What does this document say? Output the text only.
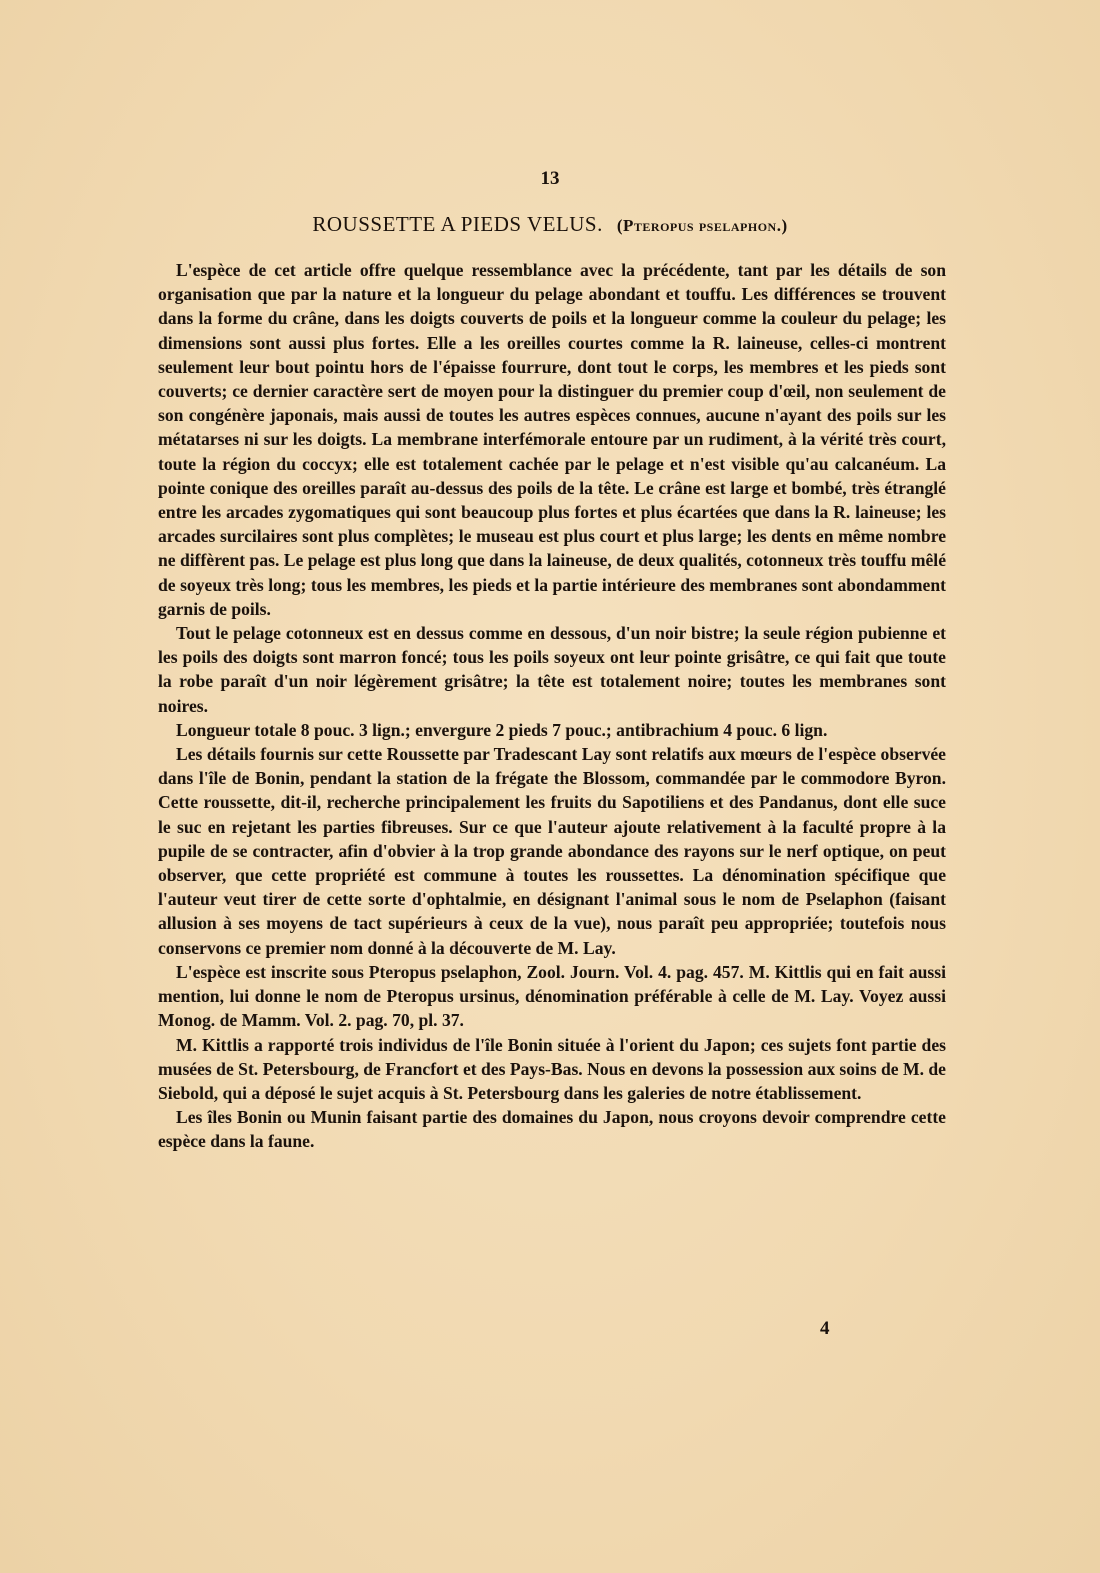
13
ROUSSETTE A PIEDS VELUS. (Pteropus pselaphon.)

L'espèce de cet article offre quelque ressemblance avec la précédente, tant par les détails de son organisation que par la nature et la longueur du pelage abondant et touffu. Les différences se trouvent dans la forme du crâne, dans les doigts couverts de poils et la longueur comme la couleur du pelage; les dimensions sont aussi plus fortes. Elle a les oreilles courtes comme la R. laineuse, celles-ci montrent seulement leur bout pointu hors de l'épaisse fourrure, dont tout le corps, les membres et les pieds sont couverts; ce dernier caractère sert de moyen pour la distinguer du premier coup d'œil, non seulement de son congénère japonais, mais aussi de toutes les autres espèces connues, aucune n'ayant des poils sur les métatarses ni sur les doigts. La membrane interfémorale entoure par un rudiment, à la vérité très court, toute la région du coccyx; elle est totalement cachée par le pelage et n'est visible qu'au calcanéum. La pointe conique des oreilles paraît au-dessus des poils de la tête. Le crâne est large et bombé, très étranglé entre les arcades zygomatiques qui sont beaucoup plus fortes et plus écartées que dans la R. laineuse; les arcades surcilaires sont plus complètes; le museau est plus court et plus large; les dents en même nombre ne diffèrent pas. Le pelage est plus long que dans la laineuse, de deux qualités, cotonneux très touffu mêlé de soyeux très long; tous les membres, les pieds et la partie intérieure des membranes sont abondamment garnis de poils.

Tout le pelage cotonneux est en dessus comme en dessous, d'un noir bistre; la seule région pubienne et les poils des doigts sont marron foncé; tous les poils soyeux ont leur pointe grisâtre, ce qui fait que toute la robe paraît d'un noir légèrement grisâtre; la tête est totalement noire; toutes les membranes sont noires.

Longueur totale 8 pouc. 3 lign.; envergure 2 pieds 7 pouc.; antibrachium 4 pouc. 6 lign.

Les détails fournis sur cette Roussette par Tradescant Lay sont relatifs aux mœurs de l'espèce observée dans l'île de Bonin, pendant la station de la frégate the Blossom, commandée par le commodore Byron. Cette roussette, dit-il, recherche principalement les fruits du Sapotiliens et des Pandanus, dont elle suce le suc en rejetant les parties fibreuses. Sur ce que l'auteur ajoute relativement à la faculté propre à la pupile de se contracter, afin d'obvier à la trop grande abondance des rayons sur le nerf optique, on peut observer, que cette propriété est commune à toutes les roussettes. La dénomination spécifique que l'auteur veut tirer de cette sorte d'ophtalmie, en désignant l'animal sous le nom de Pselaphon (faisant allusion à ses moyens de tact supérieurs à ceux de la vue), nous paraît peu appropriée; toutefois nous conservons ce premier nom donné à la découverte de M. Lay.

L'espèce est inscrite sous Pteropus pselaphon, Zool. Journ. Vol. 4. pag. 457. M. Kittlis qui en fait aussi mention, lui donne le nom de Pteropus ursinus, dénomination préférable à celle de M. Lay. Voyez aussi Monog. de Mamm. Vol. 2. pag. 70, pl. 37.

M. Kittlis a rapporté trois individus de l'île Bonin située à l'orient du Japon; ces sujets font partie des musées de St. Petersbourg, de Francfort et des Pays-Bas. Nous en devons la possession aux soins de M. de Siebold, qui a déposé le sujet acquis à St. Petersbourg dans les galeries de notre établissement.

Les îles Bonin ou Munin faisant partie des domaines du Japon, nous croyons devoir comprendre cette espèce dans la faune.

4
